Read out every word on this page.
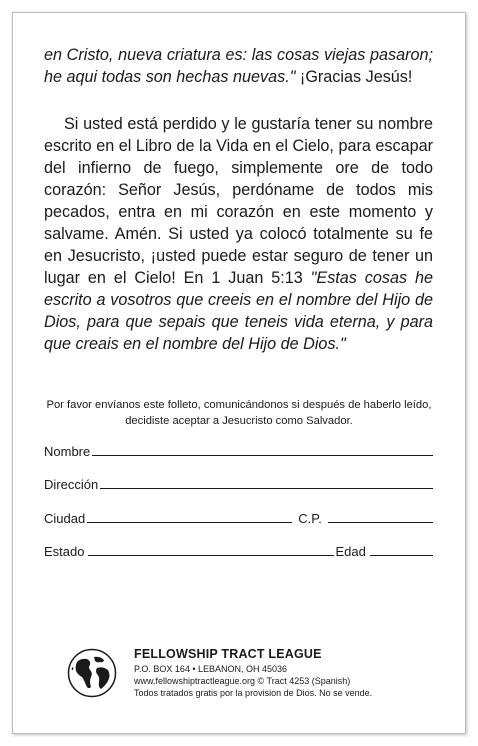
en Cristo, nueva criatura es: las cosas viejas pasaron; he aqui todas son hechas nuevas." ¡Gracias Jesús!

Si usted está perdido y le gustaría tener su nombre escrito en el Libro de la Vida en el Cielo, para escapar del infierno de fuego, simplemente ore de todo corazón: Señor Jesús, perdóname de todos mis pecados, entra en mi corazón en este momento y salvame. Amén. Si usted ya colocó totalmente su fe en Jesucristo, ¡usted puede estar seguro de tener un lugar en el Cielo! En 1 Juan 5:13 "Estas cosas he escrito a vosotros que creeis en el nombre del Hijo de Dios, para que sepais que teneis vida eterna, y para que creais en el nombre del Hijo de Dios."

Por favor envíanos este folleto, comunicándonos si después de haberlo leído, decidiste aceptar a Jesucristo como Salvador.
Nombre
Dirección
Ciudad	C.P.
Estado	Edad
FELLOWSHIP TRACT LEAGUE
P.O. BOX 164 • LEBANON, OH 45036
www.fellowshiptractleague.org © Tract 4253 (Spanish)
Todos tratados gratis por la provision de Dios. No se vende.
